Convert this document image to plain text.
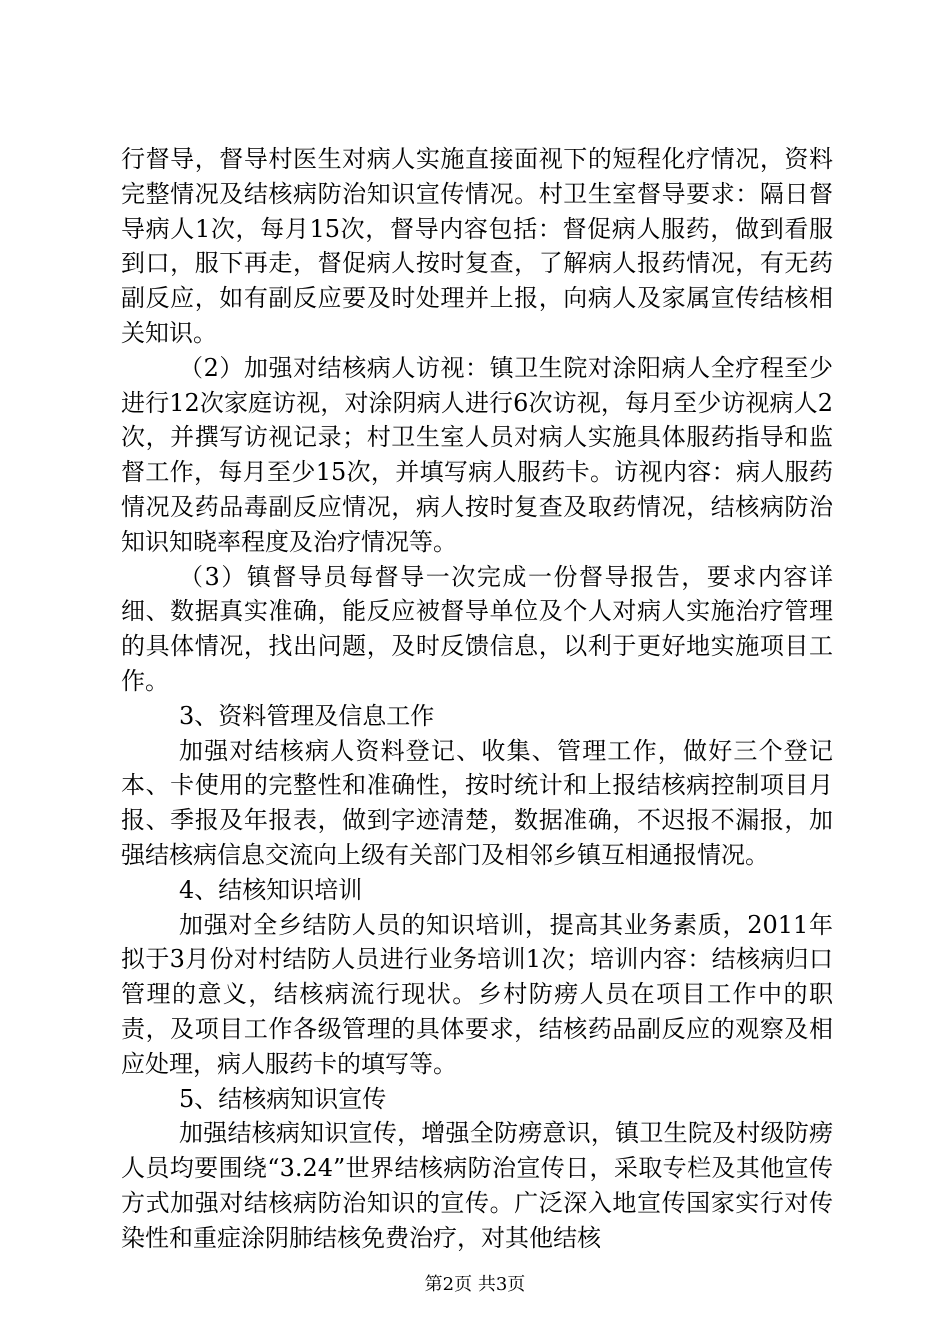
行督导，督导村医生对病人实施直接面视下的短程化疗情况，资料完整情况及结核病防治知识宣传情况。村卫生室督导要求：隔日督导病人1次，每月15次，督导内容包括：督促病人服药，做到看服到口，服下再走，督促病人按时复查，了解病人报药情况，有无药副反应，如有副反应要及时处理并上报，向病人及家属宣传结核相关知识。

（2）加强对结核病人访视：镇卫生院对涂阳病人全疗程至少进行12次家庭访视，对涂阴病人进行6次访视，每月至少访视病人2次，并撰写访视记录；村卫生室人员对病人实施具体服药指导和监督工作，每月至少15次，并填写病人服药卡。访视内容：病人服药情况及药品毒副反应情况，病人按时复查及取药情况，结核病防治知识知晓率程度及治疗情况等。

（3）镇督导员每督导一次完成一份督导报告，要求内容详细、数据真实准确，能反应被督导单位及个人对病人实施治疗管理的具体情况，找出问题，及时反馈信息，以利于更好地实施项目工作。

3、资料管理及信息工作

加强对结核病人资料登记、收集、管理工作，做好三个登记本、卡使用的完整性和准确性，按时统计和上报结核病控制项目月报、季报及年报表，做到字迹清楚，数据准确，不迟报不漏报，加强结核病信息交流向上级有关部门及相邻乡镇互相通报情况。

4、结核知识培训

加强对全乡结防人员的知识培训，提高其业务素质，2011年拟于3月份对村结防人员进行业务培训1次；培训内容：结核病归口管理的意义，结核病流行现状。乡村防痨人员在项目工作中的职责，及项目工作各级管理的具体要求，结核药品副反应的观察及相应处理，病人服药卡的填写等。

5、结核病知识宣传

加强结核病知识宣传，增强全防痨意识，镇卫生院及村级防痨人员均要围绕“3.24”世界结核病防治宣传日，采取专栏及其他宣传方式加强对结核病防治知识的宣传。广泛深入地宣传国家实行对传染性和重症涂阴肺结核免费治疗，对其他结核

第2页 共3页
